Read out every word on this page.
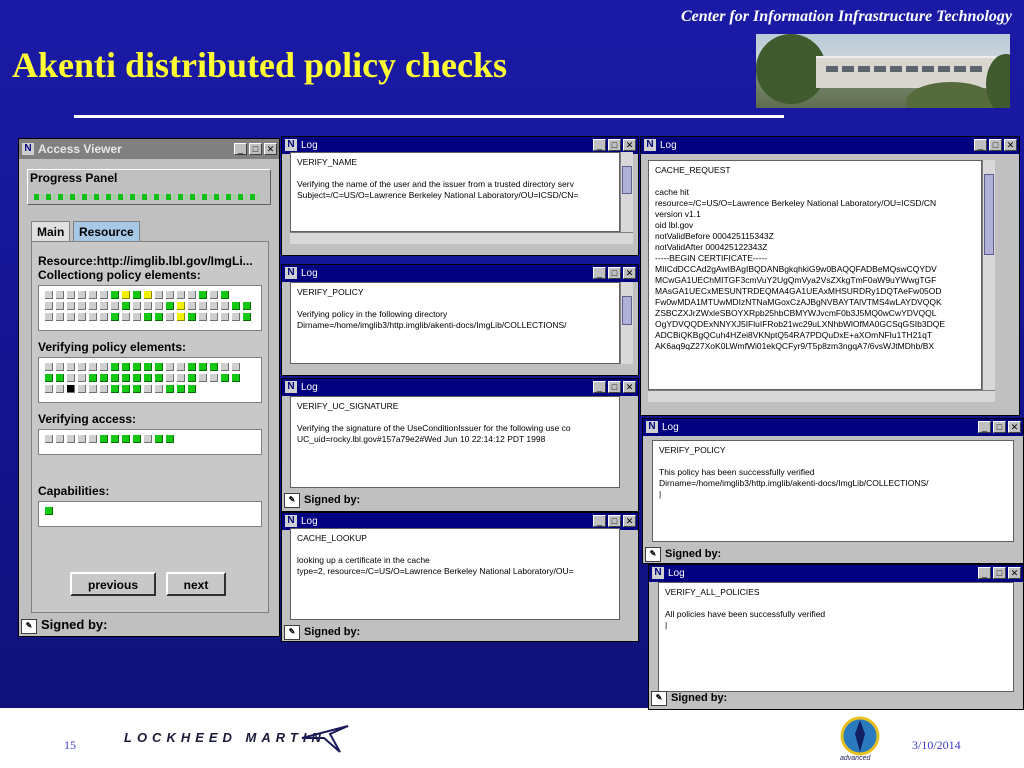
Center for Information Infrastructure Technology
Akenti distributed policy checks
N Access Viewer	_	□ ✕
Progress Panel
Main	Resource
Resource:http://imglib.lbl.gov/ImgLi...
Collectiong policy elements:
Verifying policy elements:
Verifying access:
Capabilities:
previous	next
✎ Signed by:
N Log	_	□ ✕
VERIFY_NAME
Verifying the name of the user and the issuer from a trusted directory serv
Subject=/C=US/O=Lawrence Berkeley National Laboratory/OU=ICSD/CN=
N Log	_	□ ✕
VERIFY_POLICY
Verifying policy in the following directory
Dirname=/home/imglib3/http.imglib/akenti-docs/ImgLib/COLLECTIONS/
N Log	_	□ ✕
VERIFY_UC_SIGNATURE
Verifying the signature of the UseConditionIssuer for the following use co
UC_uid=rocky.lbl.gov#157a79e2#Wed Jun 10 22:14:12 PDT 1998
✎ Signed by:
N Log	_	□ ✕
CACHE_LOOKUP
looking up a certificate in the cache
type=2, resource=/C=US/O=Lawrence Berkeley National Laboratory/OU=
✎ Signed by:
N Log	_	□ ✕
CACHE_REQUEST
cache hit
resource=/C=US/O=Lawrence Berkeley National Laboratory/OU=ICSD/CN
version v1.1
oid lbl.gov
notValidBefore 000425115343Z
notValidAfter 000425122343Z
-----BEGIN CERTIFICATE-----
MIICdDCCAd2gAwIBAgIBQDANBgkqhkiG9w0BAQQFADBeMQswCQYDV
MCwGA1UEChMITGF3cmVuY2UgQmVya2VsZXkgTmF0aW9uYWwgTGF
MAsGA1UECxMESUNTRDEQMA4GA1UEAxMHSURDRy1DQTAeFw05OD
Fw0wMDA1MTUwMDIzNTNaMGoxCzAJBgNVBAYTAlVTMS4wLAYDVQQK
ZSBCZXJrZWxleSBOYXRpb25hbCBMYWJvcmF0b3J5MQ0wCwYDVQQL
OgYDVQQDExNNYXJ5IFluIFRob21wc29uLXNhbWlOfMA0GCSqGSIb3DQE
ADCBiQKBgQCuh4HZei8VKNptQ54RA7PDQuDxE+aXOmNFIu1TH21qT
AK6aq9qZ27XoK0LWmfWi01ekQCFyr9/T5p8zm3ngqA7/6vsWJtMDhb/BX
N Log	_	□ ✕
VERIFY_POLICY
This policy has been successfully verified
Dirname=/home/imglib3/http.imglib/akenti-docs/ImgLib/COLLECTIONS/
|
✎ Signed by:
N Log	_	□ ✕
VERIFY_ALL_POLICIES
All policies have been successfully verified
|
✎ Signed by:
15	LOCKHEED MARTIN
advanced
3/10/2014
